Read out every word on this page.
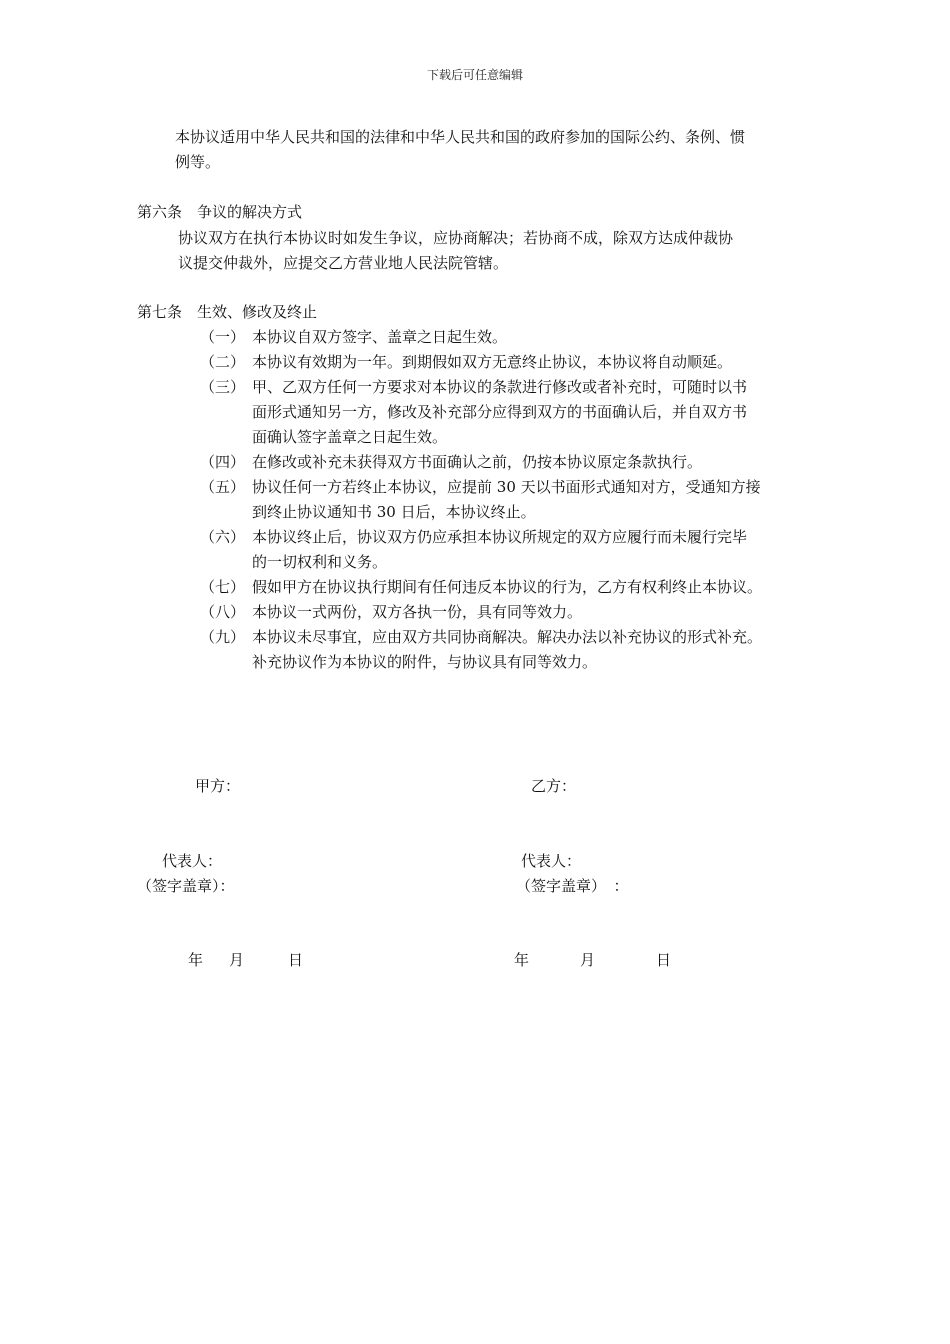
下载后可任意编辑
本协议适用中华人民共和国的法律和中华人民共和国的政府参加的国际公约、条例、惯
例等。
第六条　争议的解决方式
协议双方在执行本协议时如发生争议，应协商解决；若协商不成，除双方达成仲裁协
议提交仲裁外，应提交乙方营业地人民法院管辖。
第七条　生效、修改及终止
（一） 本协议自双方签字、盖章之日起生效。
（二） 本协议有效期为一年。到期假如双方无意终止协议，本协议将自动顺延。
（三） 甲、乙双方任何一方要求对本协议的条款进行修改或者补充时，可随时以书
面形式通知另一方，修改及补充部分应得到双方的书面确认后，并自双方书
面确认签字盖章之日起生效。
（四） 在修改或补充未获得双方书面确认之前，仍按本协议原定条款执行。
（五） 协议任何一方若终止本协议，应提前 30 天以书面形式通知对方，受通知方接
到终止协议通知书 30 日后，本协议终止。
（六） 本协议终止后，协议双方仍应承担本协议所规定的双方应履行而未履行完毕
的一切权利和义务。
（七） 假如甲方在协议执行期间有任何违反本协议的行为，乙方有权利终止本协议。
（八） 本协议一式两份，双方各执一份，具有同等效力。
（九） 本协议未尽事宜，应由双方共同协商解决。解决办法以补充协议的形式补充。
补充协议作为本协议的附件，与协议具有同等效力。
甲方：	乙方：
代表人：	代表人：
（签字盖章）：	（签字盖章）　：
年 月	日	年	月	日
